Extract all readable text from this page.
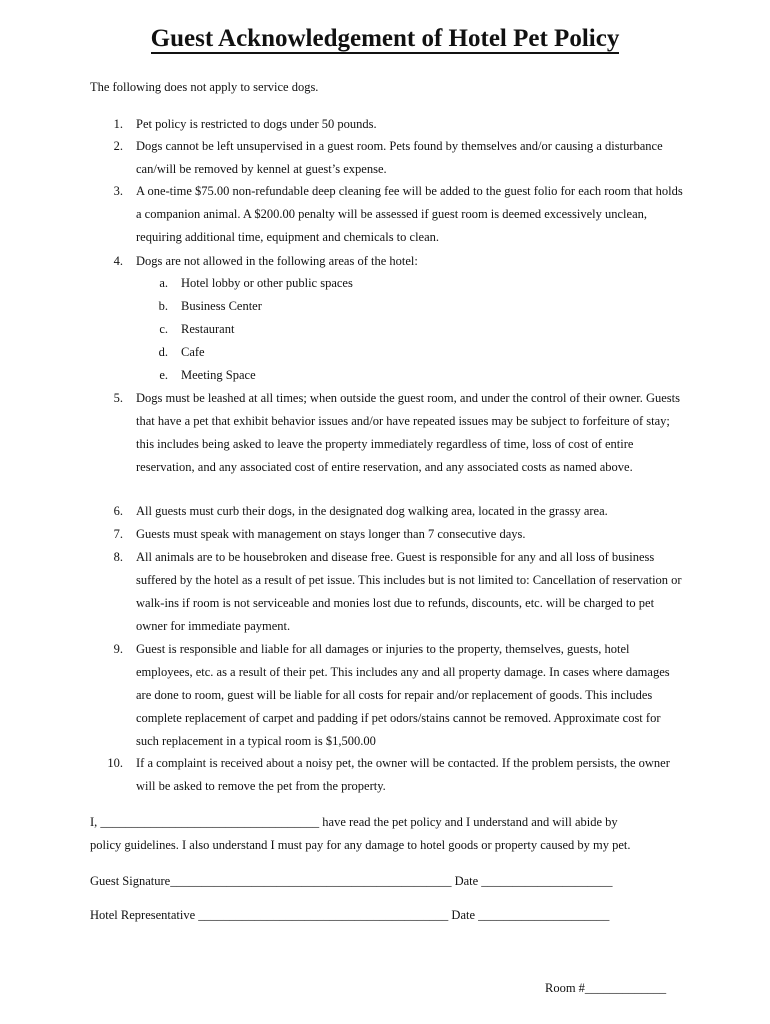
Guest Acknowledgement of Hotel Pet Policy
The following does not apply to service dogs.
1. Pet policy is restricted to dogs under 50 pounds.
2. Dogs cannot be left unsupervised in a guest room. Pets found by themselves and/or causing a disturbance can/will be removed by kennel at guest’s expense.
3. A one-time $75.00 non-refundable deep cleaning fee will be added to the guest folio for each room that holds a companion animal. A $200.00 penalty will be assessed if guest room is deemed excessively unclean, requiring additional time, equipment and chemicals to clean.
4. Dogs are not allowed in the following areas of the hotel:
a. Hotel lobby or other public spaces
b. Business Center
c. Restaurant
d. Cafe
e. Meeting Space
5. Dogs must be leashed at all times; when outside the guest room, and under the control of their owner. Guests that have a pet that exhibit behavior issues and/or have repeated issues may be subject to forfeiture of stay; this includes being asked to leave the property immediately regardless of time, loss of cost of entire reservation, and any associated cost of entire reservation, and any associated costs as named above.
6. All guests must curb their dogs, in the designated dog walking area, located in the grassy area.
7. Guests must speak with management on stays longer than 7 consecutive days.
8. All animals are to be housebroken and disease free. Guest is responsible for any and all loss of business suffered by the hotel as a result of pet issue. This includes but is not limited to: Cancellation of reservation or walk-ins if room is not serviceable and monies lost due to refunds, discounts, etc. will be charged to pet owner for immediate payment.
9. Guest is responsible and liable for all damages or injuries to the property, themselves, guests, hotel employees, etc. as a result of their pet. This includes any and all property damage. In cases where damages are done to room, guest will be liable for all costs for repair and/or replacement of goods. This includes complete replacement of carpet and padding if pet odors/stains cannot be removed. Approximate cost for such replacement in a typical room is $1,500.00
10. If a complaint is received about a noisy pet, the owner will be contacted. If the problem persists, the owner will be asked to remove the pet from the property.
I, ___________________________________ have read the pet policy and I understand and will abide by
policy guidelines. I also understand I must pay for any damage to hotel goods or property caused by my pet.
Guest Signature_____________________________________________ Date _____________________
Hotel Representative ________________________________________ Date _____________________
Room #_____________
